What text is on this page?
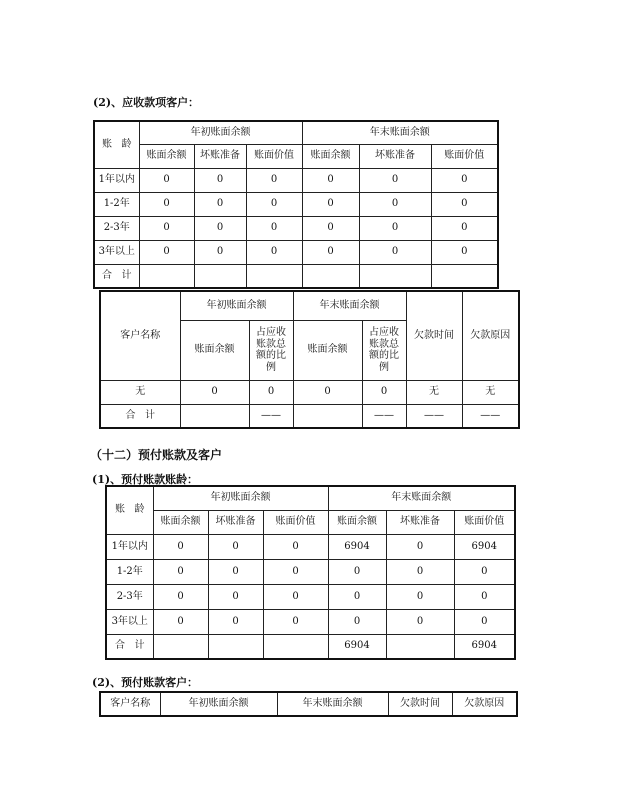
(2)、应收款项客户：
账   龄	年初账面余额			年末账面余额		
	账面余额	坏账准备	账面价值	账面余额	坏账准备	账面价值
1年以内	0	0	0	0	0	0
1-2年	0	0	0	0	0	0
2-3年	0	0	0	0	0	0
3年以上	0	0	0	0	0	0
合   计						
客户名称	年初账面余额		年末账面余额		欠款时间	欠款原因
	账面余额	占应收账款总额的比例	账面余额	占应收账款总额的比例		

无	0	0	0	0	无	无
合   计		——		——	——	——
（十二）预付账款及客户
(1)、预付账款账龄：
账   龄	年初账面余额			年末账面余额		
	账面余额	坏账准备	账面价值	账面余额	坏账准备	账面价值
1年以内	0	0	0	6904	0	6904
1-2年	0	0	0	0	0	0
2-3年	0	0	0	0	0	0
3年以上	0	0	0	0	0	0
合   计				6904		6904
(2)、预付账款客户：
客户名称	年初账面余额	年末账面余额	欠款时间	欠款原因
